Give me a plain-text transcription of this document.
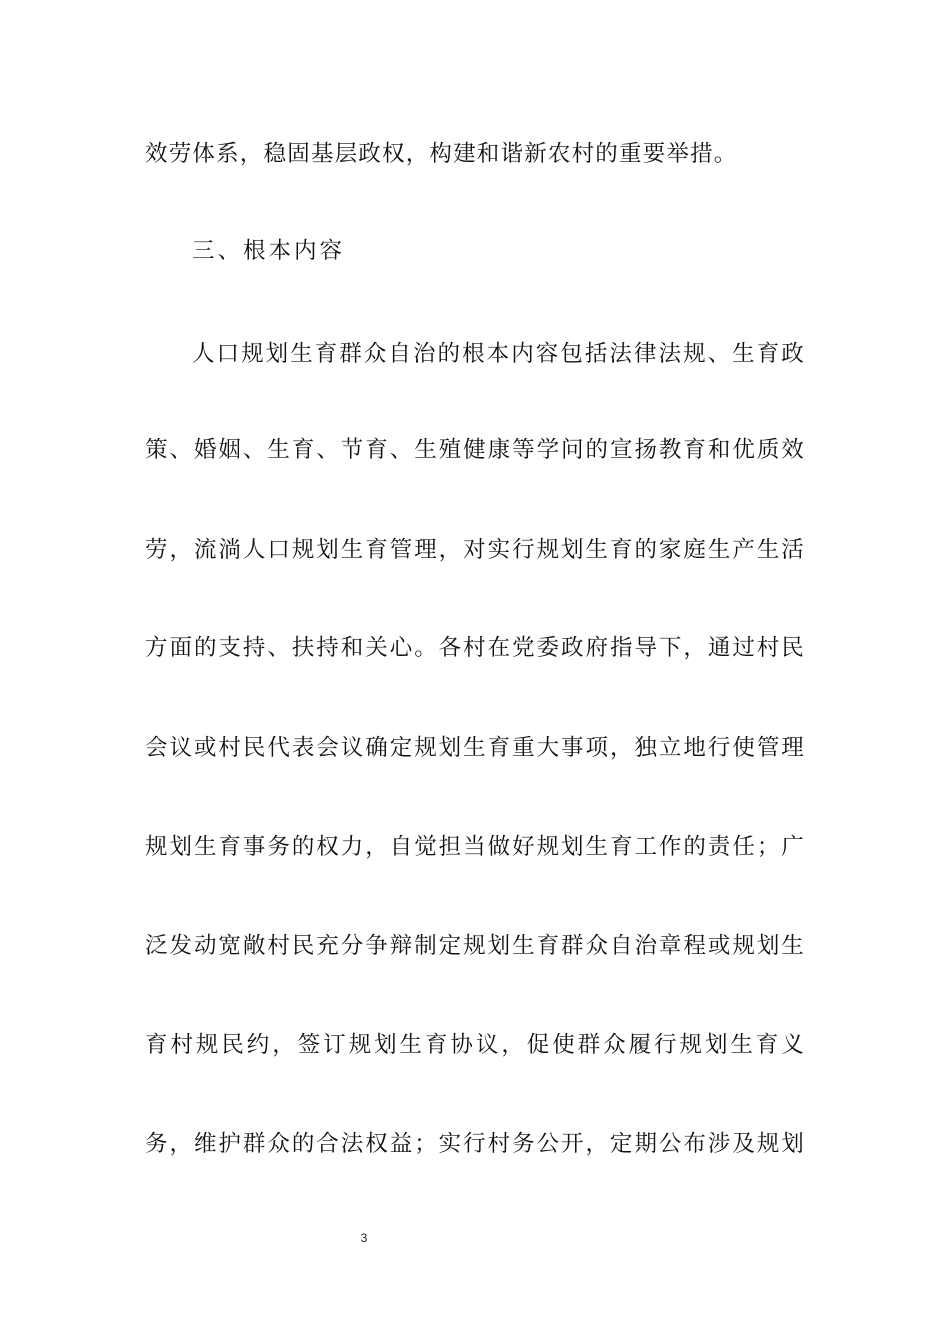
效劳体系，稳固基层政权，构建和谐新农村的重要举措。
三、根本内容
人口规划生育群众自治的根本内容包括法律法规、生育政
策、婚姻、生育、节育、生殖健康等学问的宣扬教育和优质效
劳，流淌人口规划生育管理，对实行规划生育的家庭生产生活
方面的支持、扶持和关心。各村在党委政府指导下，通过村民
会议或村民代表会议确定规划生育重大事项，独立地行使管理
规划生育事务的权力，自觉担当做好规划生育工作的责任；广
泛发动宽敞村民充分争辩制定规划生育群众自治章程或规划生
育村规民约，签订规划生育协议，促使群众履行规划生育义
务，维护群众的合法权益；实行村务公开，定期公布涉及规划
3
